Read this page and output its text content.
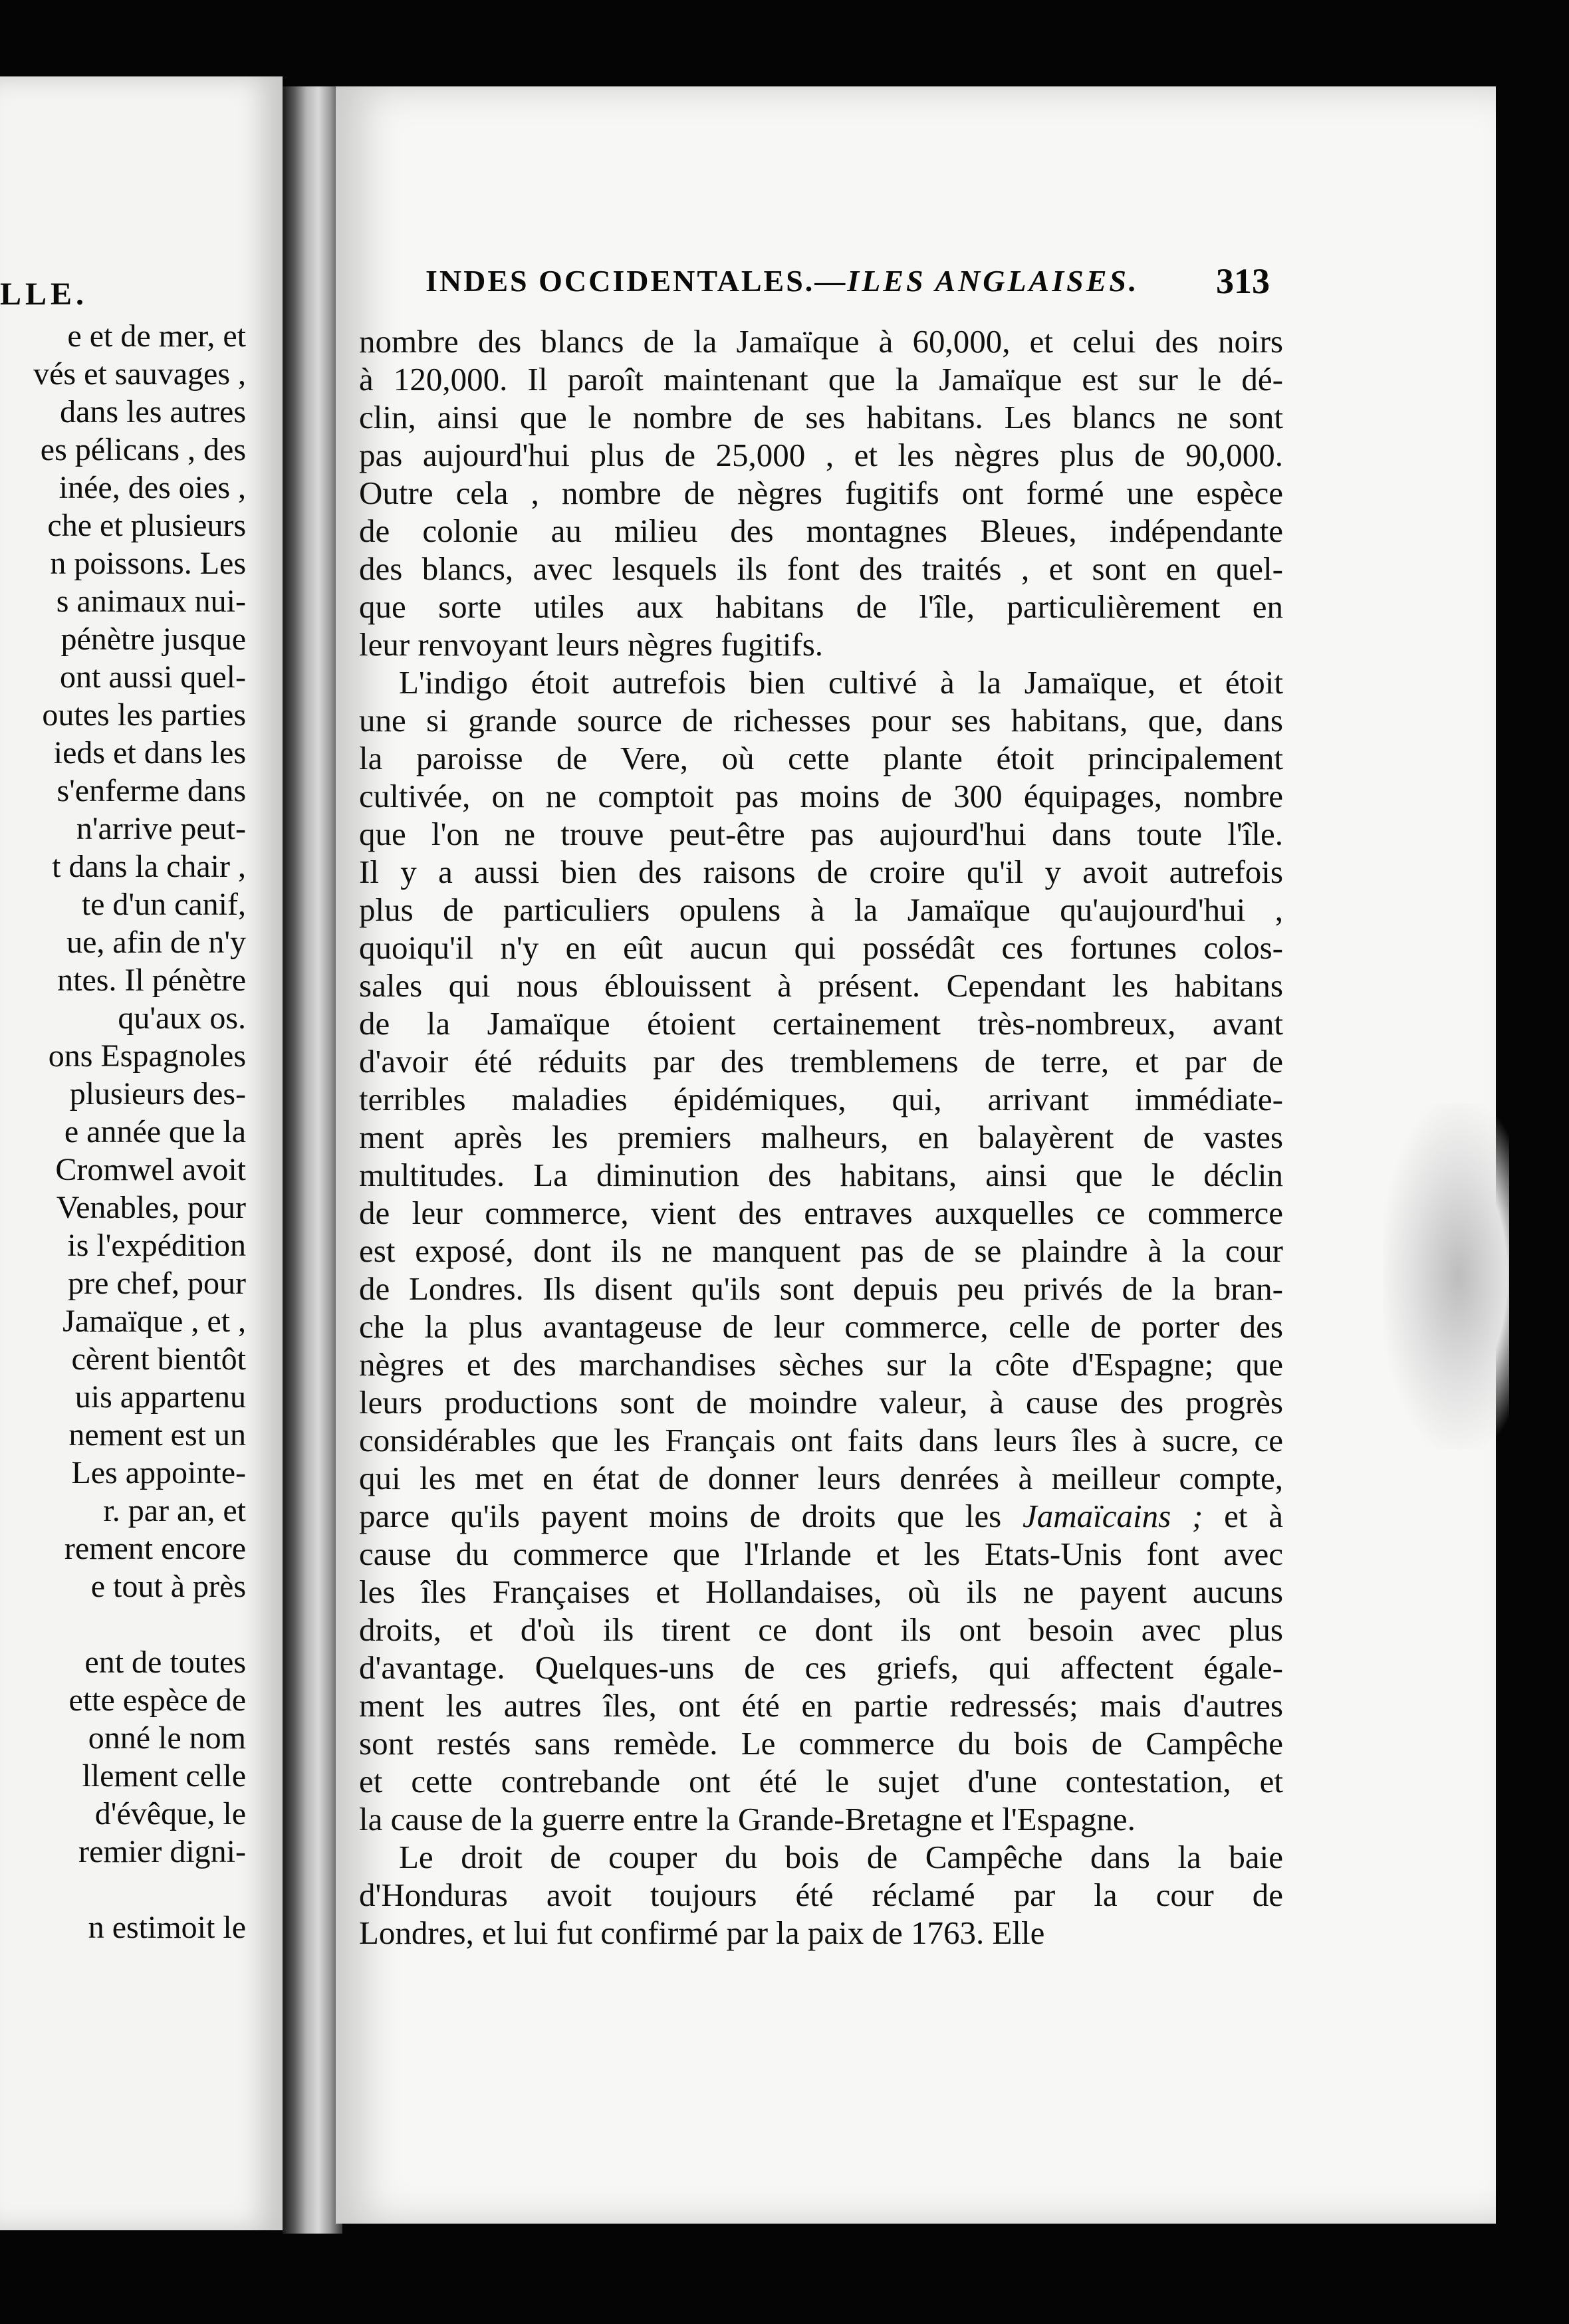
LLE.
e et de mer, et
vés et sauvages ,
dans les autres
es pélicans , des
inée, des oies ,
che et plusieurs
n poissons. Les
s animaux nui-
pénètre jusque
ont aussi quel-
outes les parties
ieds et dans les
s'enferme dans
n'arrive peut-
t dans la chair ,
te d'un canif,
ue, afin de n'y
ntes. Il pénètre
qu'aux os.
ons Espagnoles
plusieurs des-
e année que la
Cromwel avoit
Venables, pour
is l'expédition
pre chef, pour
Jamaïque , et ,
cèrent bientôt
uis appartenu
nement est un
Les appointe-
r. par an, et
rement encore
e tout à près
ent de toutes
ette espèce de
onné le nom
llement celle
d'évêque, le
remier digni-
n estimoit le
INDES OCCIDENTALES.—ILES ANGLAISES. 313
nombre des blancs de la Jamaïque à 60,000, et celui des noirs
à 120,000. Il paroît maintenant que la Jamaïque est sur le dé-
clin, ainsi que le nombre de ses habitans. Les blancs ne sont
pas aujourd'hui plus de 25,000 , et les nègres plus de 90,000.
Outre cela , nombre de nègres fugitifs ont formé une espèce
de colonie au milieu des montagnes Bleues, indépendante
des blancs, avec lesquels ils font des traités , et sont en quel-
que sorte utiles aux habitans de l'île, particulièrement en
leur renvoyant leurs nègres fugitifs.
L'indigo étoit autrefois bien cultivé à la Jamaïque, et étoit
une si grande source de richesses pour ses habitans, que, dans
la paroisse de Vere, où cette plante étoit principalement
cultivée, on ne comptoit pas moins de 300 équipages, nombre
que l'on ne trouve peut-être pas aujourd'hui dans toute l'île.
Il y a aussi bien des raisons de croire qu'il y avoit autrefois
plus de particuliers opulens à la Jamaïque qu'aujourd'hui ,
quoiqu'il n'y en eût aucun qui possédât ces fortunes colos-
sales qui nous éblouissent à présent. Cependant les habitans
de la Jamaïque étoient certainement très-nombreux, avant
d'avoir été réduits par des tremblemens de terre, et par de
terribles maladies épidémiques, qui, arrivant immédiate-
ment après les premiers malheurs, en balayèrent de vastes
multitudes. La diminution des habitans, ainsi que le déclin
de leur commerce, vient des entraves auxquelles ce commerce
est exposé, dont ils ne manquent pas de se plaindre à la cour
de Londres. Ils disent qu'ils sont depuis peu privés de la bran-
che la plus avantageuse de leur commerce, celle de porter des
nègres et des marchandises sèches sur la côte d'Espagne; que
leurs productions sont de moindre valeur, à cause des progrès
considérables que les Français ont faits dans leurs îles à sucre, ce
qui les met en état de donner leurs denrées à meilleur compte,
parce qu'ils payent moins de droits que les Jamaïcains ; et à
cause du commerce que l'Irlande et les Etats-Unis font avec
les îles Françaises et Hollandaises, où ils ne payent aucuns
droits, et d'où ils tirent ce dont ils ont besoin avec plus
d'avantage. Quelques-uns de ces griefs, qui affectent égale-
ment les autres îles, ont été en partie redressés; mais d'autres
sont restés sans remède. Le commerce du bois de Campêche
et cette contrebande ont été le sujet d'une contestation, et
la cause de la guerre entre la Grande-Bretagne et l'Espagne.
Le droit de couper du bois de Campêche dans la baie
d'Honduras avoit toujours été réclamé par la cour de
Londres, et lui fut confirmé par la paix de 1763. Elle
